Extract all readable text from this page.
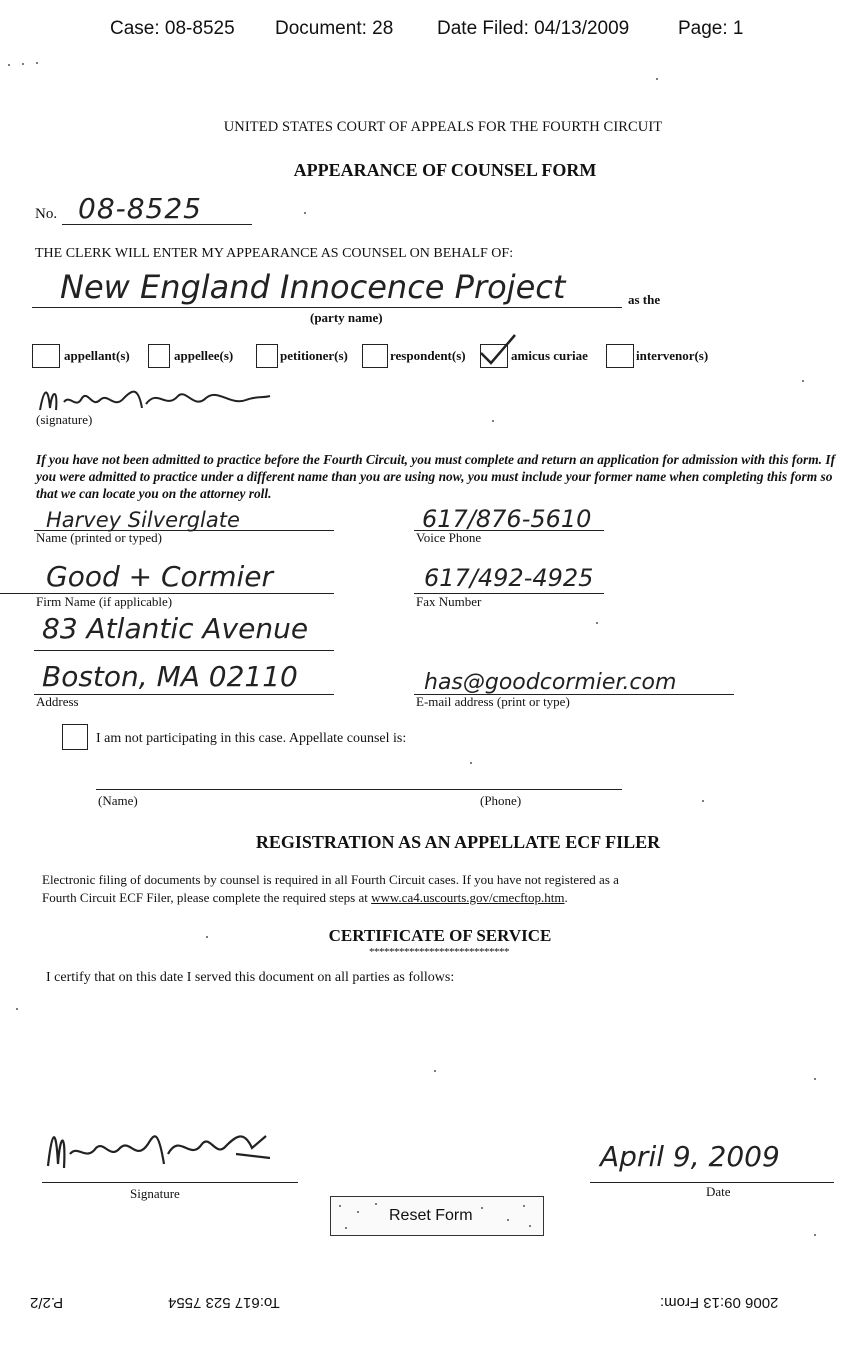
Case: 08-8525 Document: 28 Date Filed: 04/13/2009	Page: 1
UNITED STATES COURT OF APPEALS FOR THE FOURTH CIRCUIT
APPEARANCE OF COUNSEL FORM
No. 08-8525
THE CLERK WILL ENTER MY APPEARANCE AS COUNSEL ON BEHALF OF:
New England Innocence Project	as the
(party name)
appellant(s)	appellee(s)	petitioner(s)	respondent(s)	amicus curiae	intervenor(s)
(signature)
If you have not been admitted to practice before the Fourth Circuit, you must complete and return an application for admission with this form. If you were admitted to practice under a different name than you are using now, you must include your former name when completing this form so that we can locate you on the attorney roll.
Harvey Silverglate
Name (printed or typed)
617/876-5610
Voice Phone
Good + Cormier
Firm Name (if applicable)
617/492-4925
Fax Number
83 Atlantic Avenue
Boston, MA 02110
Address
has@goodcormier.com
E-mail address (print or type)
I am not participating in this case. Appellate counsel is:
(Name)	(Phone)
REGISTRATION AS AN APPELLATE ECF FILER
Electronic filing of documents by counsel is required in all Fourth Circuit cases. If you have not registered as a
Fourth Circuit ECF Filer, please complete the required steps at www.ca4.uscourts.gov/cmecftop.htm.
CERTIFICATE OF SERVICE
****************************
I certify that on this date I served this document on all parties as follows:
Signature
April 9, 2009
Date
Reset Form
P.2/2	To:617 523 7554	2006 09:13 From:
